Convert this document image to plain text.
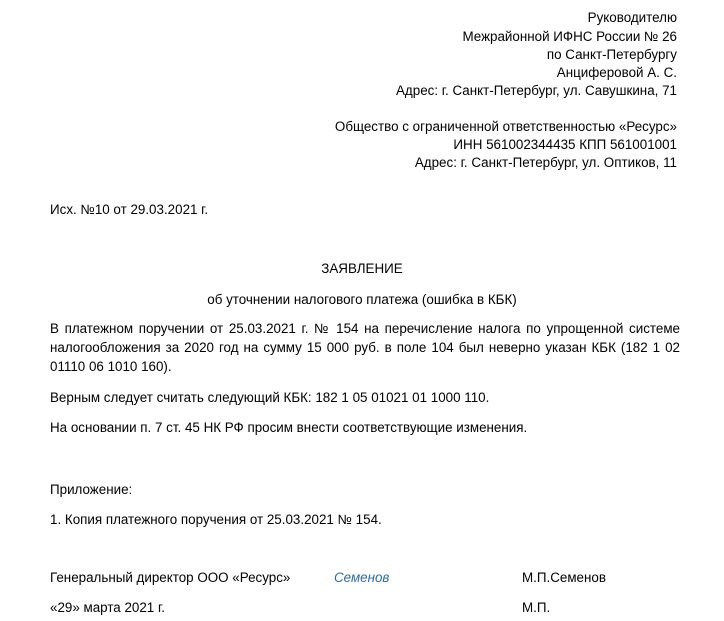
Руководителю
Межрайонной ИФНС России № 26
по Санкт-Петербургу
Анциферовой А. С.
Адрес: г. Санкт-Петербург, ул. Савушкина, 71
Общество с ограниченной ответственностью «Ресурс»
ИНН 561002344435 КПП 561001001
Адрес: г. Санкт-Петербург, ул. Оптиков, 11
Исх. №10 от 29.03.2021 г.
ЗАЯВЛЕНИЕ
об уточнении налогового платежа (ошибка в КБК)
В платежном поручении от 25.03.2021 г. № 154 на перечисление налога по упрощенной системе
налогообложения за 2020 год на сумму 15 000 руб. в поле 104 был неверно указан КБК (182 1 02
01110 06 1010 160).
Верным следует считать следующий КБК: 182 1 05 01021 01 1000 110.
На основании п. 7 ст. 45 НК РФ просим внести соответствующие изменения.
Приложение:
1. Копия платежного поручения от 25.03.2021 № 154.
Генеральный директор ООО «Ресурс»	Семенов	М.П.Семенов
«29» марта 2021 г.	М.П.
